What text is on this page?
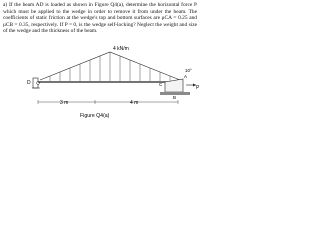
a) If the beam AD is loaded as shown in Figure Q4(a), determine the horizontal force P which must be applied to the wedge in order to remove it from under the beam. The coefficients of static friction at the wedge's top and bottom surfaces are μCA = 0.25 and μCB = 0.35, respectively. If P = 0, is the wedge self-locking? Neglect the weight and size of the wedge and the thickness of the beam.
4 kN/m
D	C
B
A
P
10°
3 m	4 m
Figure Q4(a)
